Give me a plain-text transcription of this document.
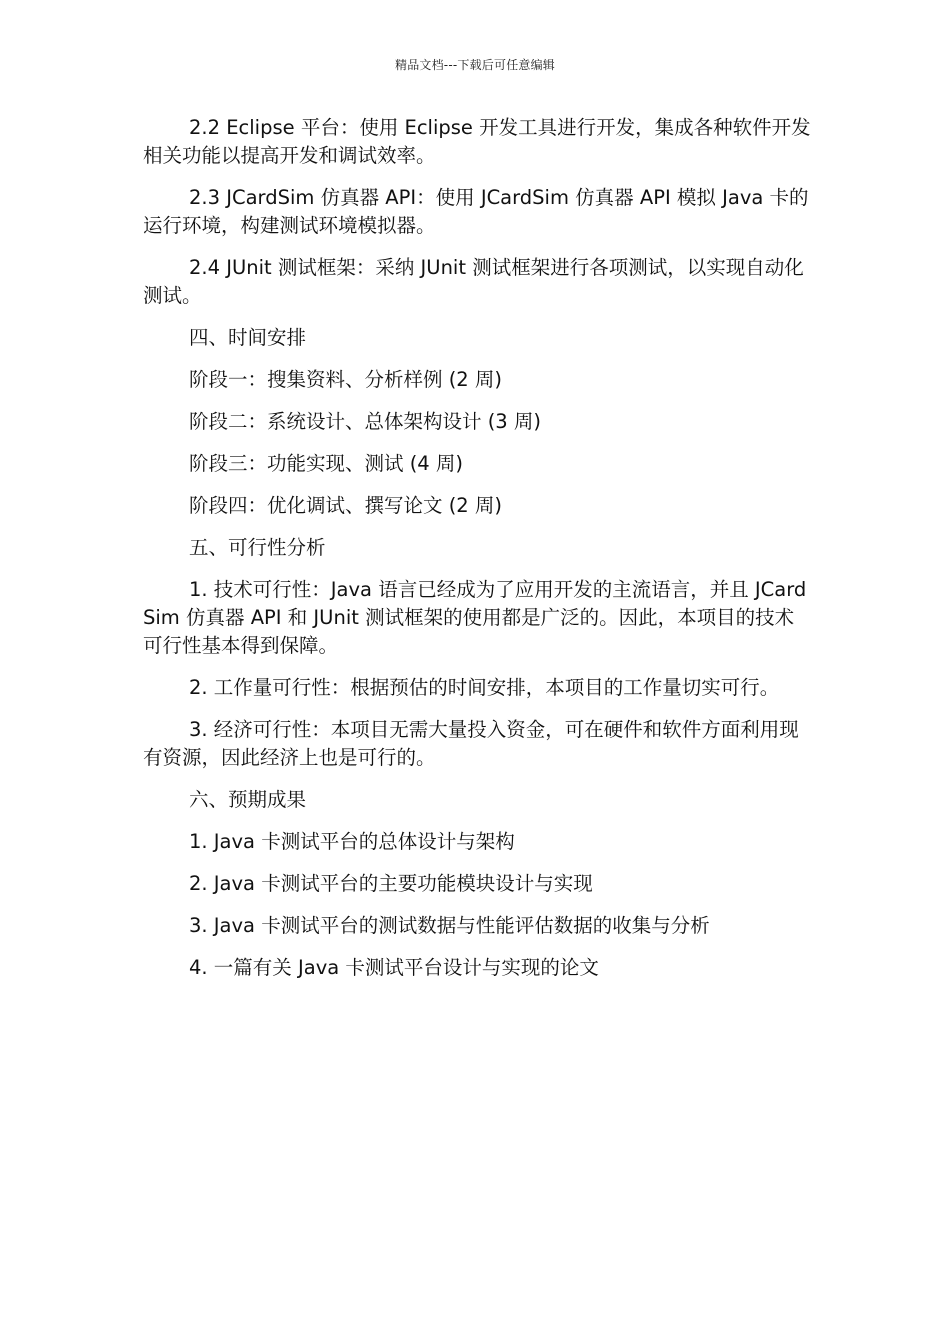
精品文档---下载后可任意编辑

2.2 Eclipse 平台：使用 Eclipse 开发工具进行开发，集成各种软件开发相关功能以提高开发和调试效率。

2.3 JCardSim 仿真器 API：使用 JCardSim 仿真器 API 模拟 Java 卡的运行环境，构建测试环境模拟器。

2.4 JUnit 测试框架：采纳 JUnit 测试框架进行各项测试，以实现自动化测试。

四、时间安排

阶段一：搜集资料、分析样例 (2 周)

阶段二：系统设计、总体架构设计 (3 周)

阶段三：功能实现、测试 (4 周)

阶段四：优化调试、撰写论文 (2 周)

五、可行性分析

1. 技术可行性：Java 语言已经成为了应用开发的主流语言，并且 JCardSim 仿真器 API 和 JUnit 测试框架的使用都是广泛的。因此，本项目的技术可行性基本得到保障。

2. 工作量可行性：根据预估的时间安排，本项目的工作量切实可行。

3. 经济可行性：本项目无需大量投入资金，可在硬件和软件方面利用现有资源，因此经济上也是可行的。

六、预期成果

1. Java 卡测试平台的总体设计与架构

2. Java 卡测试平台的主要功能模块设计与实现

3. Java 卡测试平台的测试数据与性能评估数据的收集与分析

4. 一篇有关 Java 卡测试平台设计与实现的论文
